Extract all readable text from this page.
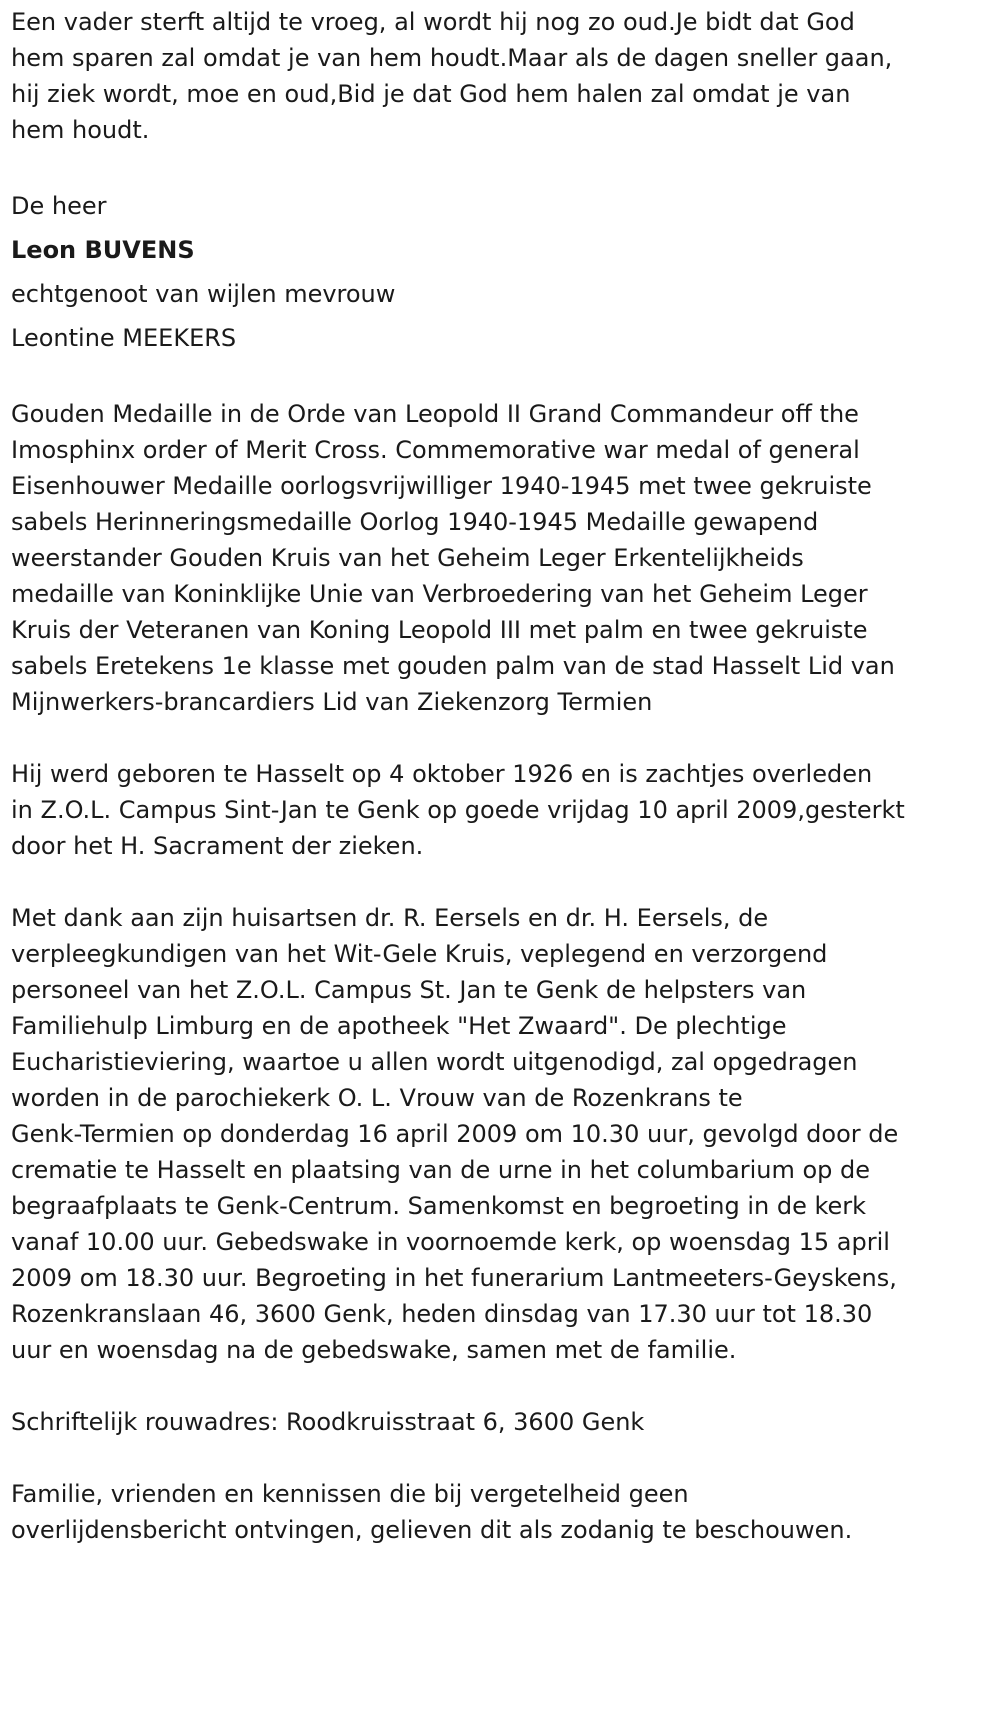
Een vader sterft altijd te vroeg, al wordt hij nog zo oud.Je bidt dat God
hem sparen zal omdat je van hem houdt.Maar als de dagen sneller gaan,
hij ziek wordt, moe en oud,Bid je dat God hem halen zal omdat je van
hem houdt.

De heer
Leon BUVENS
echtgenoot van wijlen mevrouw
Leontine MEEKERS

Gouden Medaille in de Orde van Leopold II Grand Commandeur off the
Imosphinx order of Merit Cross. Commemorative war medal of general
Eisenhouwer Medaille oorlogsvrijwilliger 1940-1945 met twee gekruiste
sabels Herinneringsmedaille Oorlog 1940-1945 Medaille gewapend
weerstander Gouden Kruis van het Geheim Leger Erkentelijkheids
medaille van Koninklijke Unie van Verbroedering van het Geheim Leger
Kruis der Veteranen van Koning Leopold III met palm en twee gekruiste
sabels Eretekens 1e klasse met gouden palm van de stad Hasselt Lid van
Mijnwerkers-brancardiers Lid van Ziekenzorg Termien

Hij werd geboren te Hasselt op 4 oktober 1926 en is zachtjes overleden
in Z.O.L. Campus Sint-Jan te Genk op goede vrijdag 10 april 2009,gesterkt
door het H. Sacrament der zieken.

Met dank aan zijn huisartsen dr. R. Eersels en dr. H. Eersels, de
verpleegkundigen van het Wit-Gele Kruis, veplegend en verzorgend
personeel van het Z.O.L. Campus St. Jan te Genk de helpsters van
Familiehulp Limburg en de apotheek "Het Zwaard". De plechtige
Eucharistieviering, waartoe u allen wordt uitgenodigd, zal opgedragen
worden in de parochiekerk O. L. Vrouw van de Rozenkrans te
Genk-Termien op donderdag 16 april 2009 om 10.30 uur, gevolgd door de
crematie te Hasselt en plaatsing van de urne in het columbarium op de
begraafplaats te Genk-Centrum. Samenkomst en begroeting in de kerk
vanaf 10.00 uur. Gebedswake in voornoemde kerk, op woensdag 15 april
2009 om 18.30 uur. Begroeting in het funerarium Lantmeeters-Geyskens,
Rozenkranslaan 46, 3600 Genk, heden dinsdag van 17.30 uur tot 18.30
uur en woensdag na de gebedswake, samen met de familie.

Schriftelijk rouwadres: Roodkruisstraat 6, 3600 Genk

Familie, vrienden en kennissen die bij vergetelheid geen
overlijdensbericht ontvingen, gelieven dit als zodanig te beschouwen.
